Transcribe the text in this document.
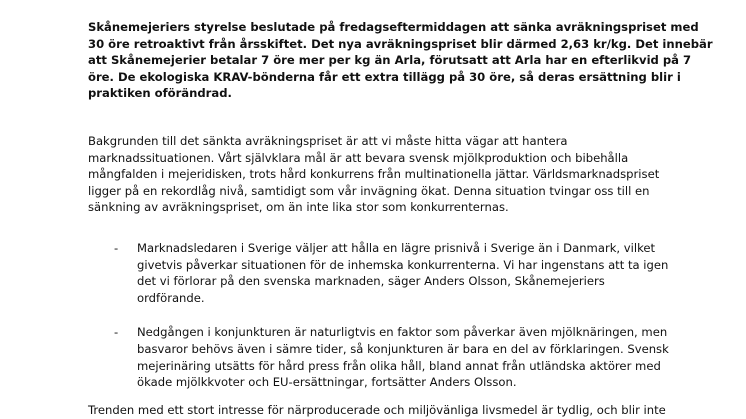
Skånemejeriers styrelse beslutade på fredagseftermiddagen att sänka avräkningspriset med
30 öre retroaktivt från årsskiftet. Det nya avräkningspriset blir därmed 2,63 kr/kg. Det innebär
att Skånemejerier betalar 7 öre mer per kg än Arla, förutsatt att Arla har en efterlikvid på 7
öre. De ekologiska KRAV-bönderna får ett extra tillägg på 30 öre, så deras ersättning blir i
praktiken oförändrad.

Bakgrunden till det sänkta avräkningspriset är att vi måste hitta vägar att hantera
marknadssituationen. Vårt självklara mål är att bevara svensk mjölkproduktion och bibehålla
mångfalden i mejeridisken, trots hård konkurrens från multinationella jättar. Världsmarknadspriset
ligger på en rekordlåg nivå, samtidigt som vår invägning ökat. Denna situation tvingar oss till en
sänkning av avräkningspriset, om än inte lika stor som konkurrenternas.

- Marknadsledaren i Sverige väljer att hålla en lägre prisnivå i Sverige än i Danmark, vilket
givetvis påverkar situationen för de inhemska konkurrenterna. Vi har ingenstans att ta igen
det vi förlorar på den svenska marknaden, säger Anders Olsson, Skånemejeriers
ordförande.
- Nedgången i konjunkturen är naturligtvis en faktor som påverkar även mjölknäringen, men
basvaror behövs även i sämre tider, så konjunkturen är bara en del av förklaringen. Svensk
mejerinäring utsätts för hård press från olika håll, bland annat från utländska aktörer med
ökade mjölkkvoter och EU-ersättningar, fortsätter Anders Olsson.

Trenden med ett stort intresse för närproducerade och miljövänliga livsmedel är tydlig, och blir inte
